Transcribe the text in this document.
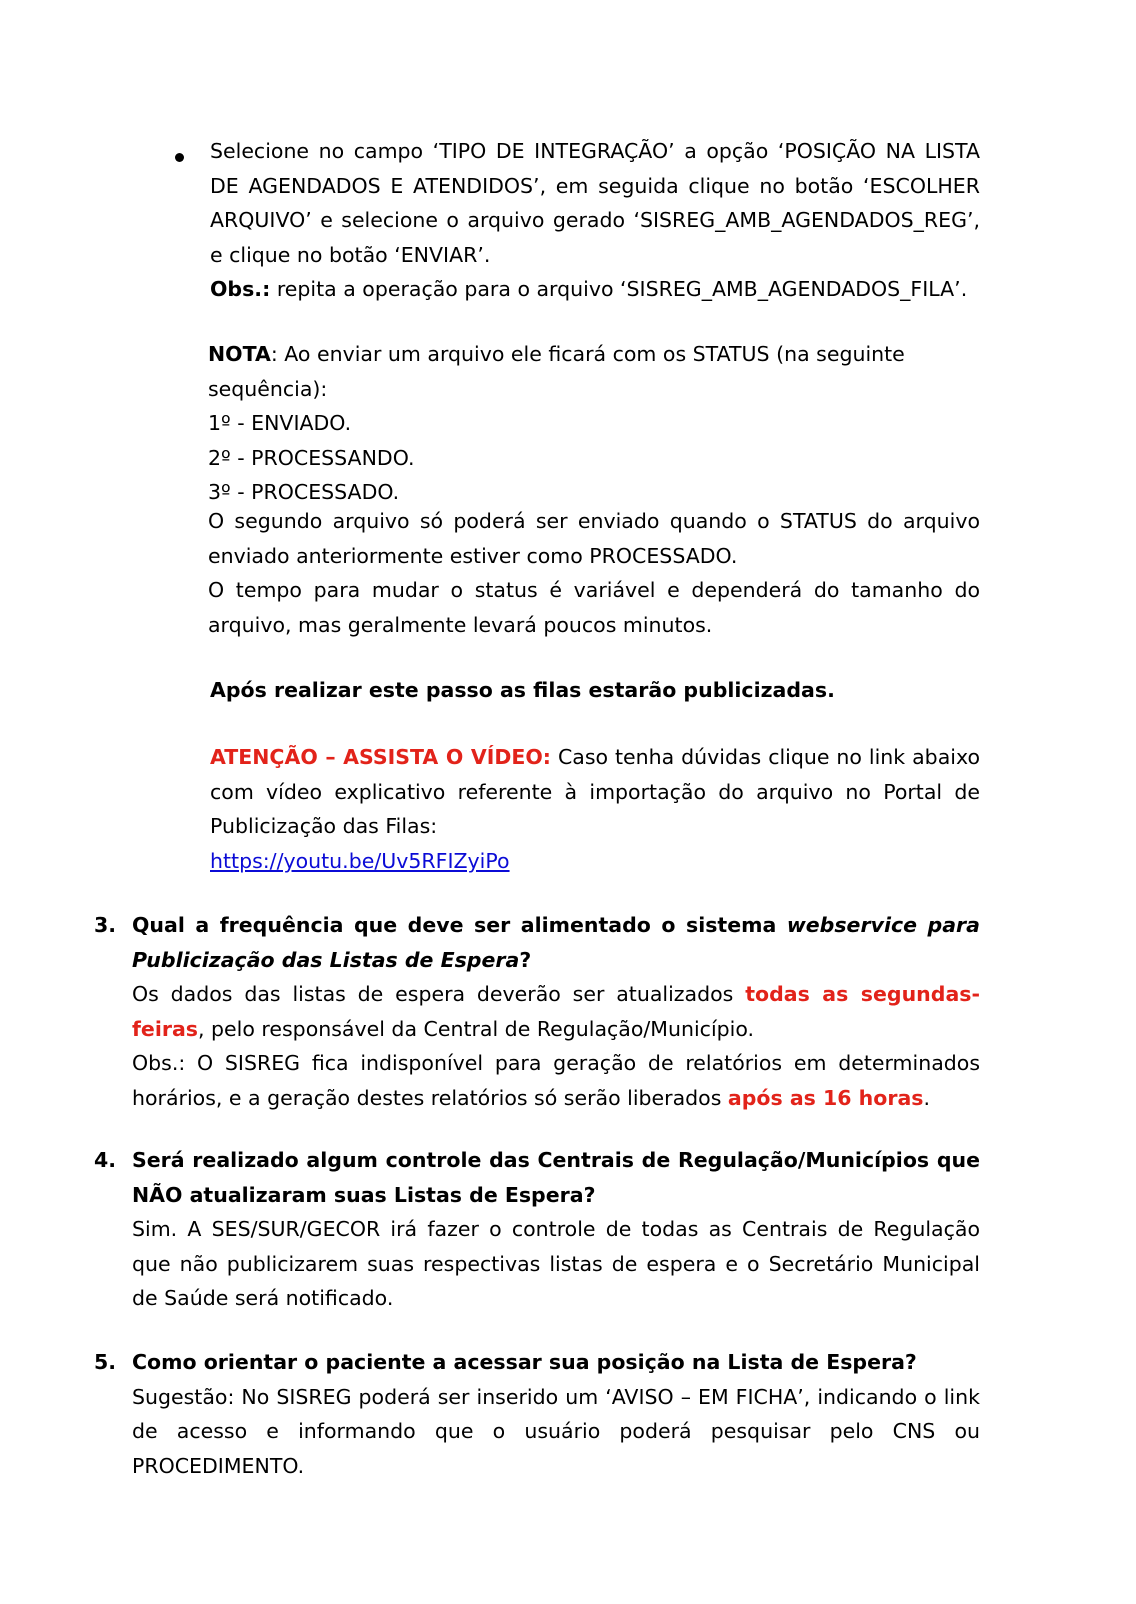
Selecione no campo ‘TIPO DE INTEGRAÇÃO’ a opção ‘POSIÇÃO NA LISTA DE AGENDADOS E ATENDIDOS’, em seguida clique no botão ‘ESCOLHER ARQUIVO’ e selecione o arquivo gerado ‘SISREG_AMB_AGENDADOS_REG’, e clique no botão ‘ENVIAR’.

Obs.: repita a operação para o arquivo ‘SISREG_AMB_AGENDADOS_FILA’.

NOTA: Ao enviar um arquivo ele ficará com os STATUS (na seguinte sequência):

1º - ENVIADO.

2º - PROCESSANDO.

3º - PROCESSADO.

O segundo arquivo só poderá ser enviado quando o STATUS do arquivo enviado anteriormente estiver como PROCESSADO.

O tempo para mudar o status é variável e dependerá do tamanho do arquivo, mas geralmente levará poucos minutos.

Após realizar este passo as filas estarão publicizadas.

ATENÇÃO – ASSISTA O VÍDEO: Caso tenha dúvidas clique no link abaixo com vídeo explicativo referente à importação do arquivo no Portal de Publicização das Filas:

https://youtu.be/Uv5RFIZyiPo

3. Qual a frequência que deve ser alimentado o sistema webservice para Publicização das Listas de Espera?

Os dados das listas de espera deverão ser atualizados todas as segundas-feiras, pelo responsável da Central de Regulação/Município.

Obs.: O SISREG fica indisponível para geração de relatórios em determinados horários, e a geração destes relatórios só serão liberados após as 16 horas.

4. Será realizado algum controle das Centrais de Regulação/Municípios que NÃO atualizaram suas Listas de Espera?

Sim. A SES/SUR/GECOR irá fazer o controle de todas as Centrais de Regulação que não publicizarem suas respectivas listas de espera e o Secretário Municipal de Saúde será notificado.

5. Como orientar o paciente a acessar sua posição na Lista de Espera?

Sugestão: No SISREG poderá ser inserido um ‘AVISO – EM FICHA’, indicando o link de acesso e informando que o usuário poderá pesquisar pelo CNS ou PROCEDIMENTO.
